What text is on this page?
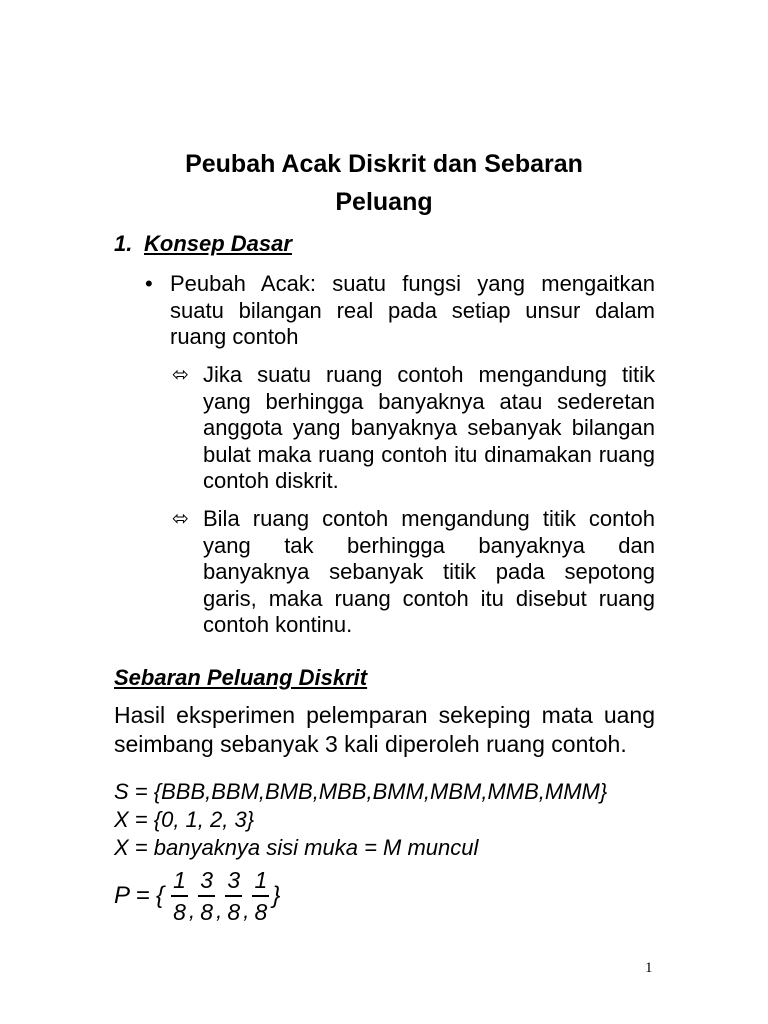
Peubah Acak Diskrit dan Sebaran
Peluang
1. Konsep Dasar
• Peubah Acak: suatu fungsi yang mengaitkan suatu bilangan real pada setiap unsur dalam ruang contoh
⬄ Jika suatu ruang contoh mengandung titik yang berhingga banyaknya atau sederetan anggota yang banyaknya sebanyak bilangan bulat maka ruang contoh itu dinamakan ruang contoh diskrit.
⬄ Bila ruang contoh mengandung titik contoh yang tak berhingga banyaknya dan banyaknya sebanyak titik pada sepotong garis, maka ruang contoh itu disebut ruang contoh kontinu.
Sebaran Peluang Diskrit
Hasil eksperimen pelemparan sekeping mata uang seimbang sebanyak 3 kali diperoleh ruang contoh.
S = {BBB,BBM,BMB,MBB,BMM,MBM,MMB,MMM}
X = {0, 1, 2, 3}
X = banyaknya sisi muka = M muncul
P = { $\frac{1}{8}$ , $\frac{3}{8}$ , $\frac{3}{8}$ , $\frac{1}{8}$ }
1
